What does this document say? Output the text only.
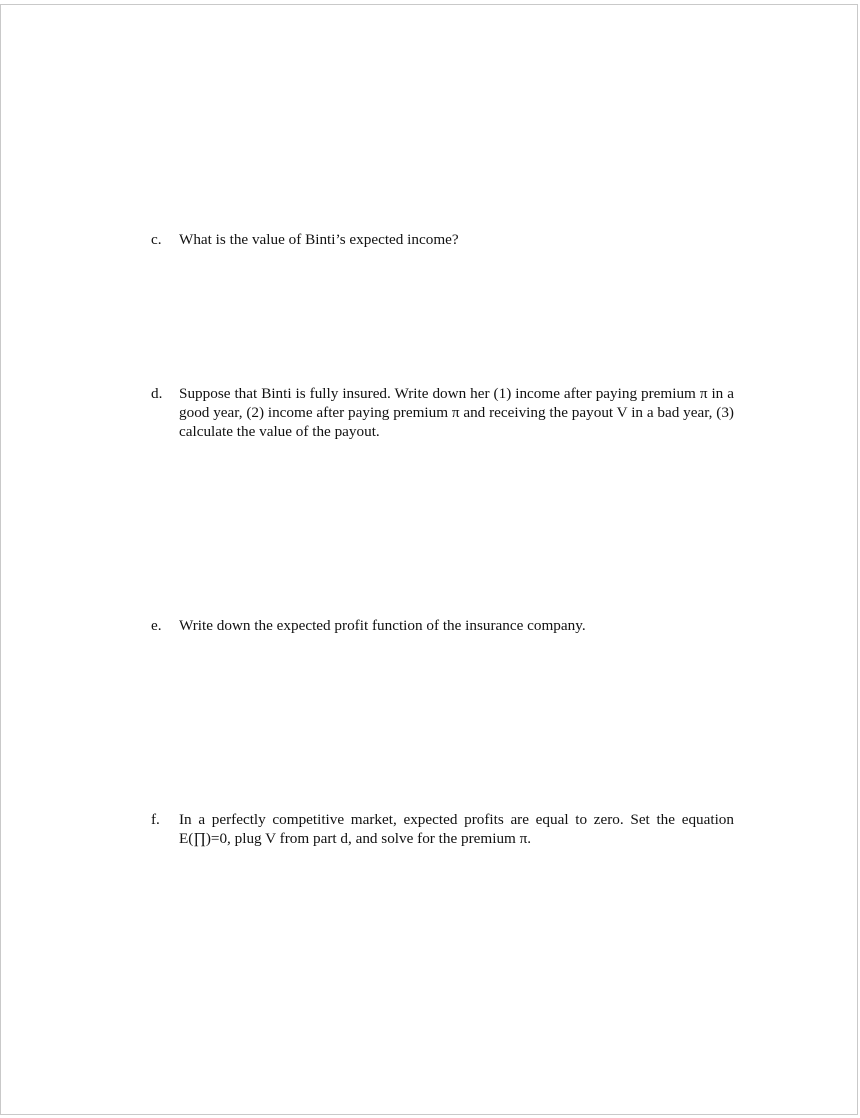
c.	What is the value of Binti’s expected income?
d.	Suppose that Binti is fully insured. Write down her (1) income after paying premium π in a good year, (2) income after paying premium π and receiving the payout V in a bad year, (3) calculate the value of the payout.
e.	Write down the expected profit function of the insurance company.
f.	In a perfectly competitive market, expected profits are equal to zero. Set the equation E(∏)=0, plug V from part d, and solve for the premium π.
